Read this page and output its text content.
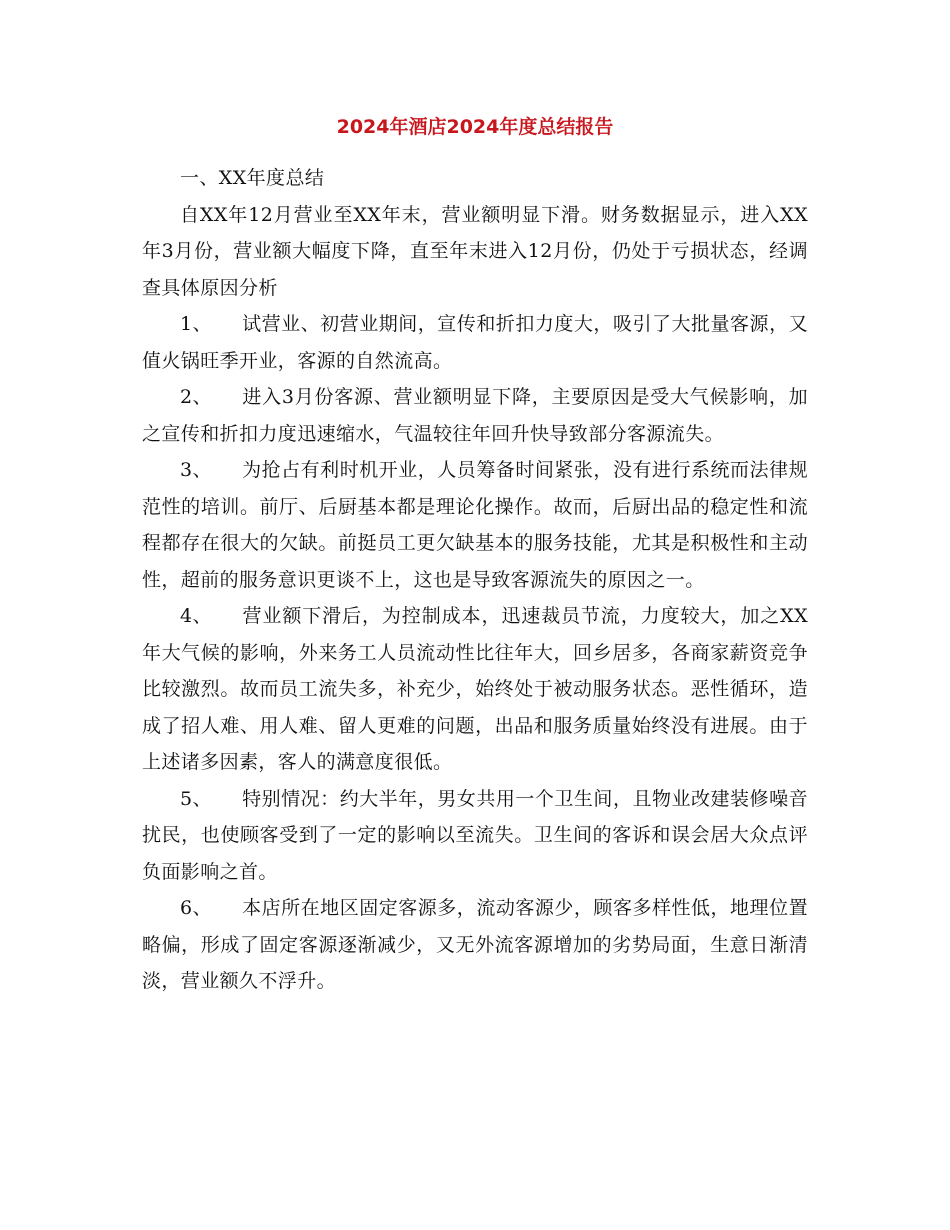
2024年酒店2024年度总结报告

一、XX年度总结

自XX年12月营业至XX年末，营业额明显下滑。财务数据显示，进入XX年3月份，营业额大幅度下降，直至年末进入12月份，仍处于亏损状态，经调查具体原因分析

1、 试营业、初营业期间，宣传和折扣力度大，吸引了大批量客源，又值火锅旺季开业，客源的自然流高。

2、 进入3月份客源、营业额明显下降，主要原因是受大气候影响，加之宣传和折扣力度迅速缩水，气温较往年回升快导致部分客源流失。

3、 为抢占有利时机开业，人员筹备时间紧张，没有进行系统而法律规范性的培训。前厅、后厨基本都是理论化操作。故而，后厨出品的稳定性和流程都存在很大的欠缺。前挺员工更欠缺基本的服务技能，尤其是积极性和主动性，超前的服务意识更谈不上，这也是导致客源流失的原因之一。

4、 营业额下滑后，为控制成本，迅速裁员节流，力度较大，加之XX年大气候的影响，外来务工人员流动性比往年大，回乡居多，各商家薪资竞争比较激烈。故而员工流失多，补充少，始终处于被动服务状态。恶性循环，造成了招人难、用人难、留人更难的问题，出品和服务质量始终没有进展。由于上述诸多因素，客人的满意度很低。

5、 特别情况：约大半年，男女共用一个卫生间，且物业改建装修噪音扰民，也使顾客受到了一定的影响以至流失。卫生间的客诉和误会居大众点评负面影响之首。

6、 本店所在地区固定客源多，流动客源少，顾客多样性低，地理位置略偏，形成了固定客源逐渐减少，又无外流客源增加的劣势局面，生意日渐清淡，营业额久不浮升。
